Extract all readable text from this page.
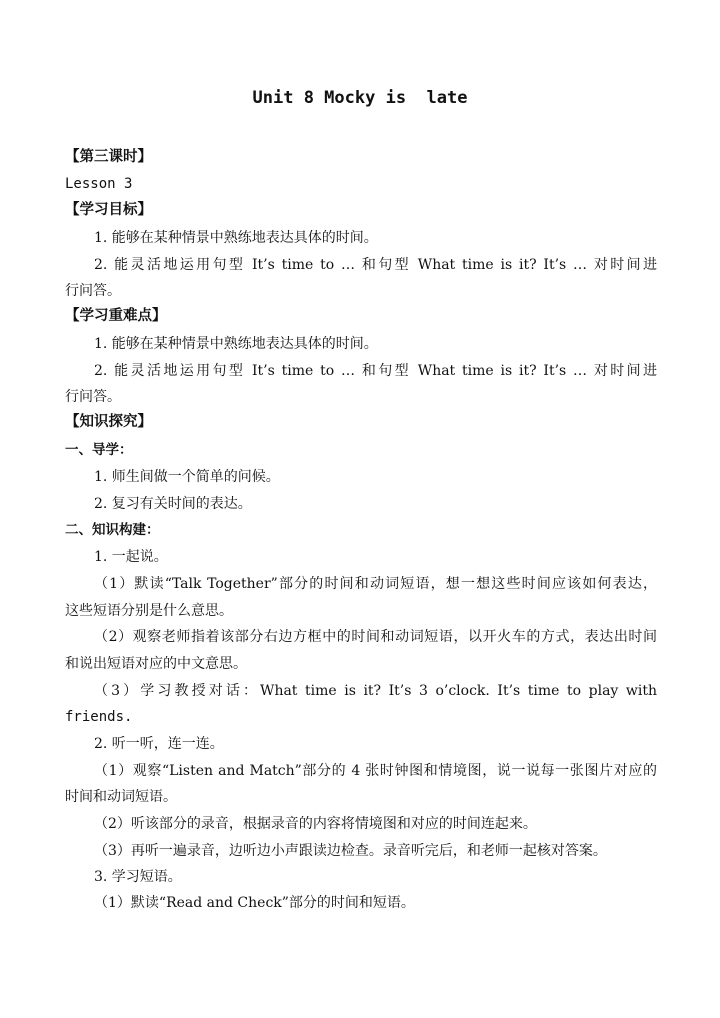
Unit 8 Mocky is  late
【第三课时】
Lesson 3
【学习目标】
1. 能够在某种情景中熟练地表达具体的时间。
2. 能灵活地运用句型 It’s time to … 和句型 What time is it? It’s … 对时间进
行问答。
【学习重难点】
1. 能够在某种情景中熟练地表达具体的时间。
2. 能灵活地运用句型 It’s time to … 和句型 What time is it? It’s … 对时间进
行问答。
【知识探究】
一、导学：
1. 师生间做一个简单的问候。
2. 复习有关时间的表达。
二、知识构建：
1. 一起说。
（1）默读“Talk Together”部分的时间和动词短语，想一想这些时间应该如何表达，
这些短语分别是什么意思。
（2）观察老师指着该部分右边方框中的时间和动词短语，以开火车的方式，表达出时间
和说出短语对应的中文意思。
（3）学习教授对话：What time is it? It’s 3 o’clock. It’s time to play with
friends.
2. 听一听，连一连。
（1）观察“Listen and Match”部分的 4 张时钟图和情境图，说一说每一张图片对应的
时间和动词短语。
（2）听该部分的录音，根据录音的内容将情境图和对应的时间连起来。
（3）再听一遍录音，边听边小声跟读边检查。录音听完后，和老师一起核对答案。
3. 学习短语。
（1）默读“Read and Check”部分的时间和短语。
